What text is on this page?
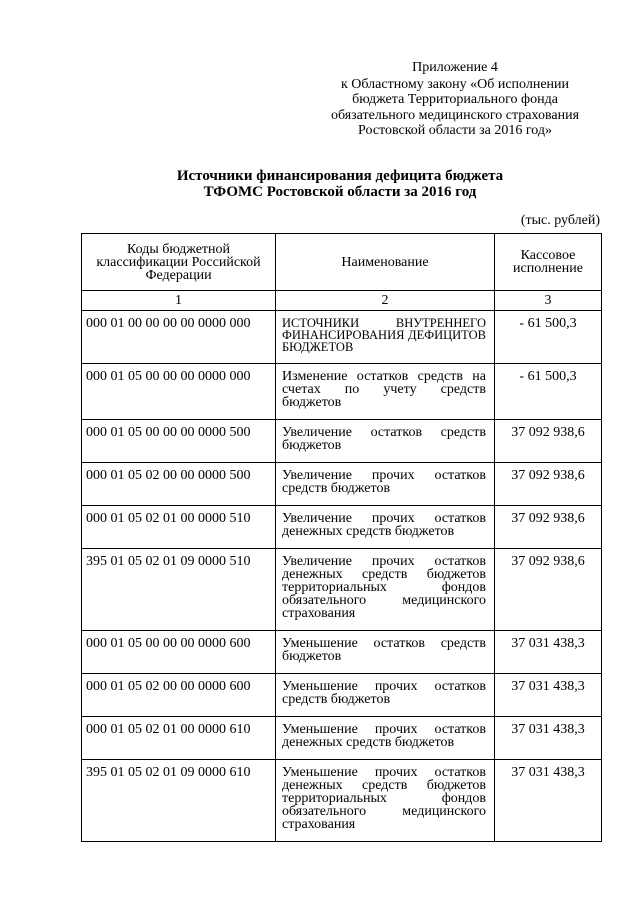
Приложение 4
к Областному закону «Об исполнении
бюджета Территориального фонда
обязательного медицинского страхования
Ростовской области за 2016 год»
Источники финансирования дефицита бюджета
ТФОМС Ростовской области за 2016 год
(тыс. рублей)
Коды бюджетной классификации Российской Федерации	Наименование	Кассовое исполнение
1	2	3
000 01 00 00 00 00 0000 000	ИСТОЧНИКИ ВНУТРЕННЕГО ФИНАНСИРОВАНИЯ ДЕФИЦИТОВ БЮДЖЕТОВ	- 61 500,3
000 01 05 00 00 00 0000 000	Изменение остатков средств на счетах по учету средств бюджетов	- 61 500,3
000 01 05 00 00 00 0000 500	Увеличение остатков средств бюджетов	37 092 938,6
000 01 05 02 00 00 0000 500	Увеличение прочих остатков средств бюджетов	37 092 938,6
000 01 05 02 01 00 0000 510	Увеличение прочих остатков денежных средств бюджетов	37 092 938,6
395 01 05 02 01 09 0000 510	Увеличение прочих остатков денежных средств бюджетов территориальных фондов обязательного медицинского страхования	37 092 938,6
000 01 05 00 00 00 0000 600	Уменьшение остатков средств бюджетов	37 031 438,3
000 01 05 02 00 00 0000 600	Уменьшение прочих остатков средств бюджетов	37 031 438,3
000 01 05 02 01 00 0000 610	Уменьшение прочих остатков денежных средств бюджетов	37 031 438,3
395 01 05 02 01 09 0000 610	Уменьшение прочих остатков денежных средств бюджетов территориальных фондов обязательного медицинского страхования	37 031 438,3
